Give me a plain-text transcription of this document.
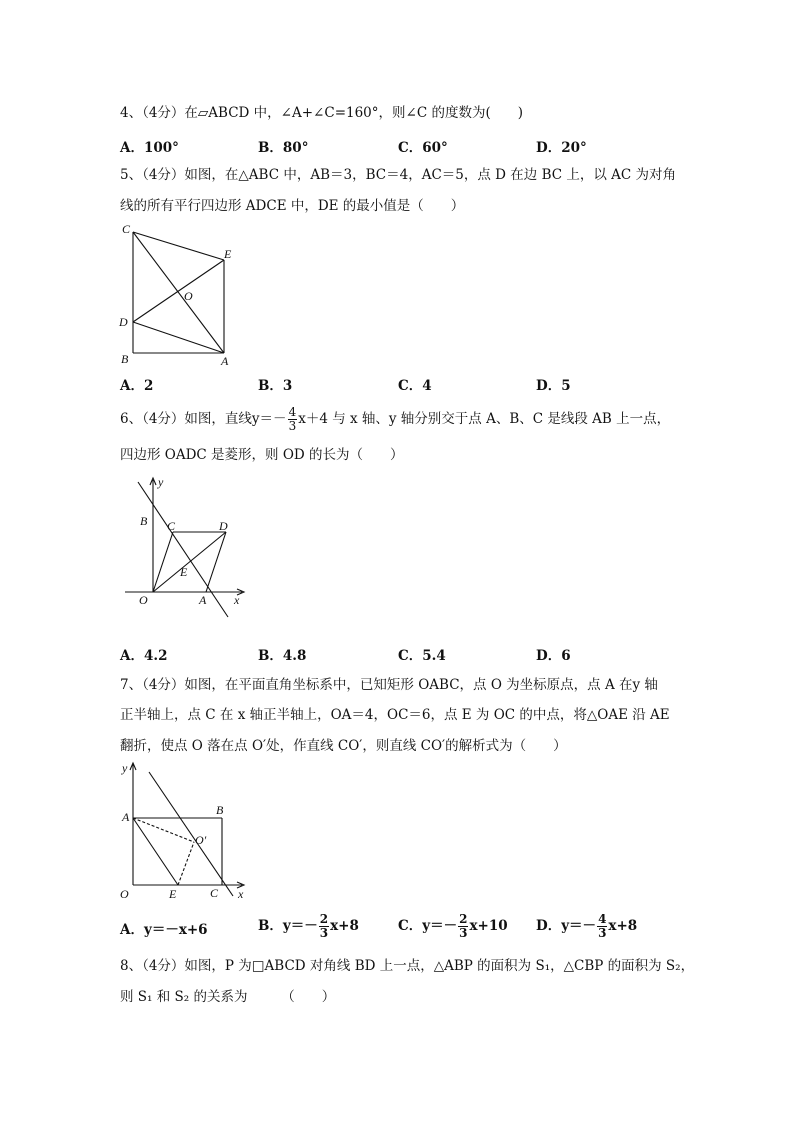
4、（4分）在▱ABCD 中，∠A+∠C=160°，则∠C 的度数为(　　)
A．100°	B．80°	C．60°	D．20°
5、（4分）如图，在△ABC 中，AB＝3，BC＝4，AC＝5，点 D 在边 BC 上，以 AC 为对角
线的所有平行四边形 ADCE 中，DE 的最小值是（　　）
C
E
O
D
B	A
A．2	B．3	C．4	D．5
6、（4分）如图，直线$y=- \frac{4}{3} x+4$ 与 x 轴、y 轴分别交于点 A、B、C 是线段 AB 上一点，
四边形 OADC 是菱形，则 OD 的长为（　　）
y
B C	D
E
O	A x
A．4.2	B．4.8	C．5.4	D．6
7、（4分）如图，在平面直角坐标系中，已知矩形 OABC，点 O 为坐标原点，点 A 在y 轴
正半轴上，点 C 在 x 轴正半轴上，OA＝4，OC＝6，点 E 为 OC 的中点，将△OAE 沿 AE
翻折，使点 O 落在点 O′处，作直线 CO′，则直线 CO′的解析式为（　　）
y
A	B
O′
O	E	C x
A．y＝－x+6	B．$y=- \frac{2}{3} x+8$	C．$y=- \frac{2}{3} x+10$ D．$y=- \frac{4}{3} x+8$
8、（4分）如图，P 为□ABCD 对角线 BD 上一点，△ABP 的面积为 S₁，△CBP 的面积为 S₂，
则 S₁ 和 S₂ 的关系为　　　（　　）
